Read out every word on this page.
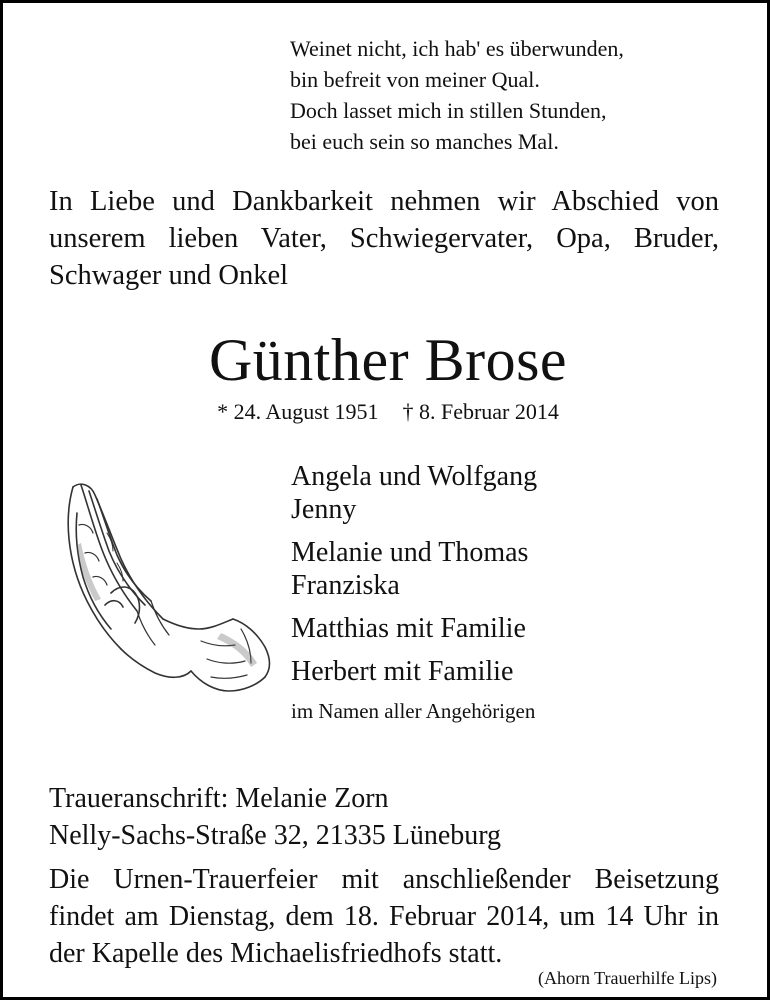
Weinet nicht, ich hab' es überwunden,
bin befreit von meiner Qual.
Doch lasset mich in stillen Stunden,
bei euch sein so manches Mal.

In Liebe und Dankbarkeit nehmen wir Abschied von unserem lieben Vater, Schwiegervater, Opa, Bruder, Schwager und Onkel

Günther Brose
* 24. August 1951 † 8. Februar 2014
Angela und Wolfgang
Jenny
Melanie und Thomas
Franziska
Matthias mit Familie
Herbert mit Familie
im Namen aller Angehörigen
Traueranschrift: Melanie Zorn
Nelly-Sachs-Straße 32, 21335 Lüneburg

Die Urnen-Trauerfeier mit anschließender Beisetzung findet am Dienstag, dem 18. Februar 2014, um 14 Uhr in der Kapelle des Michaelisfriedhofs statt.

(Ahorn Trauerhilfe Lips)
